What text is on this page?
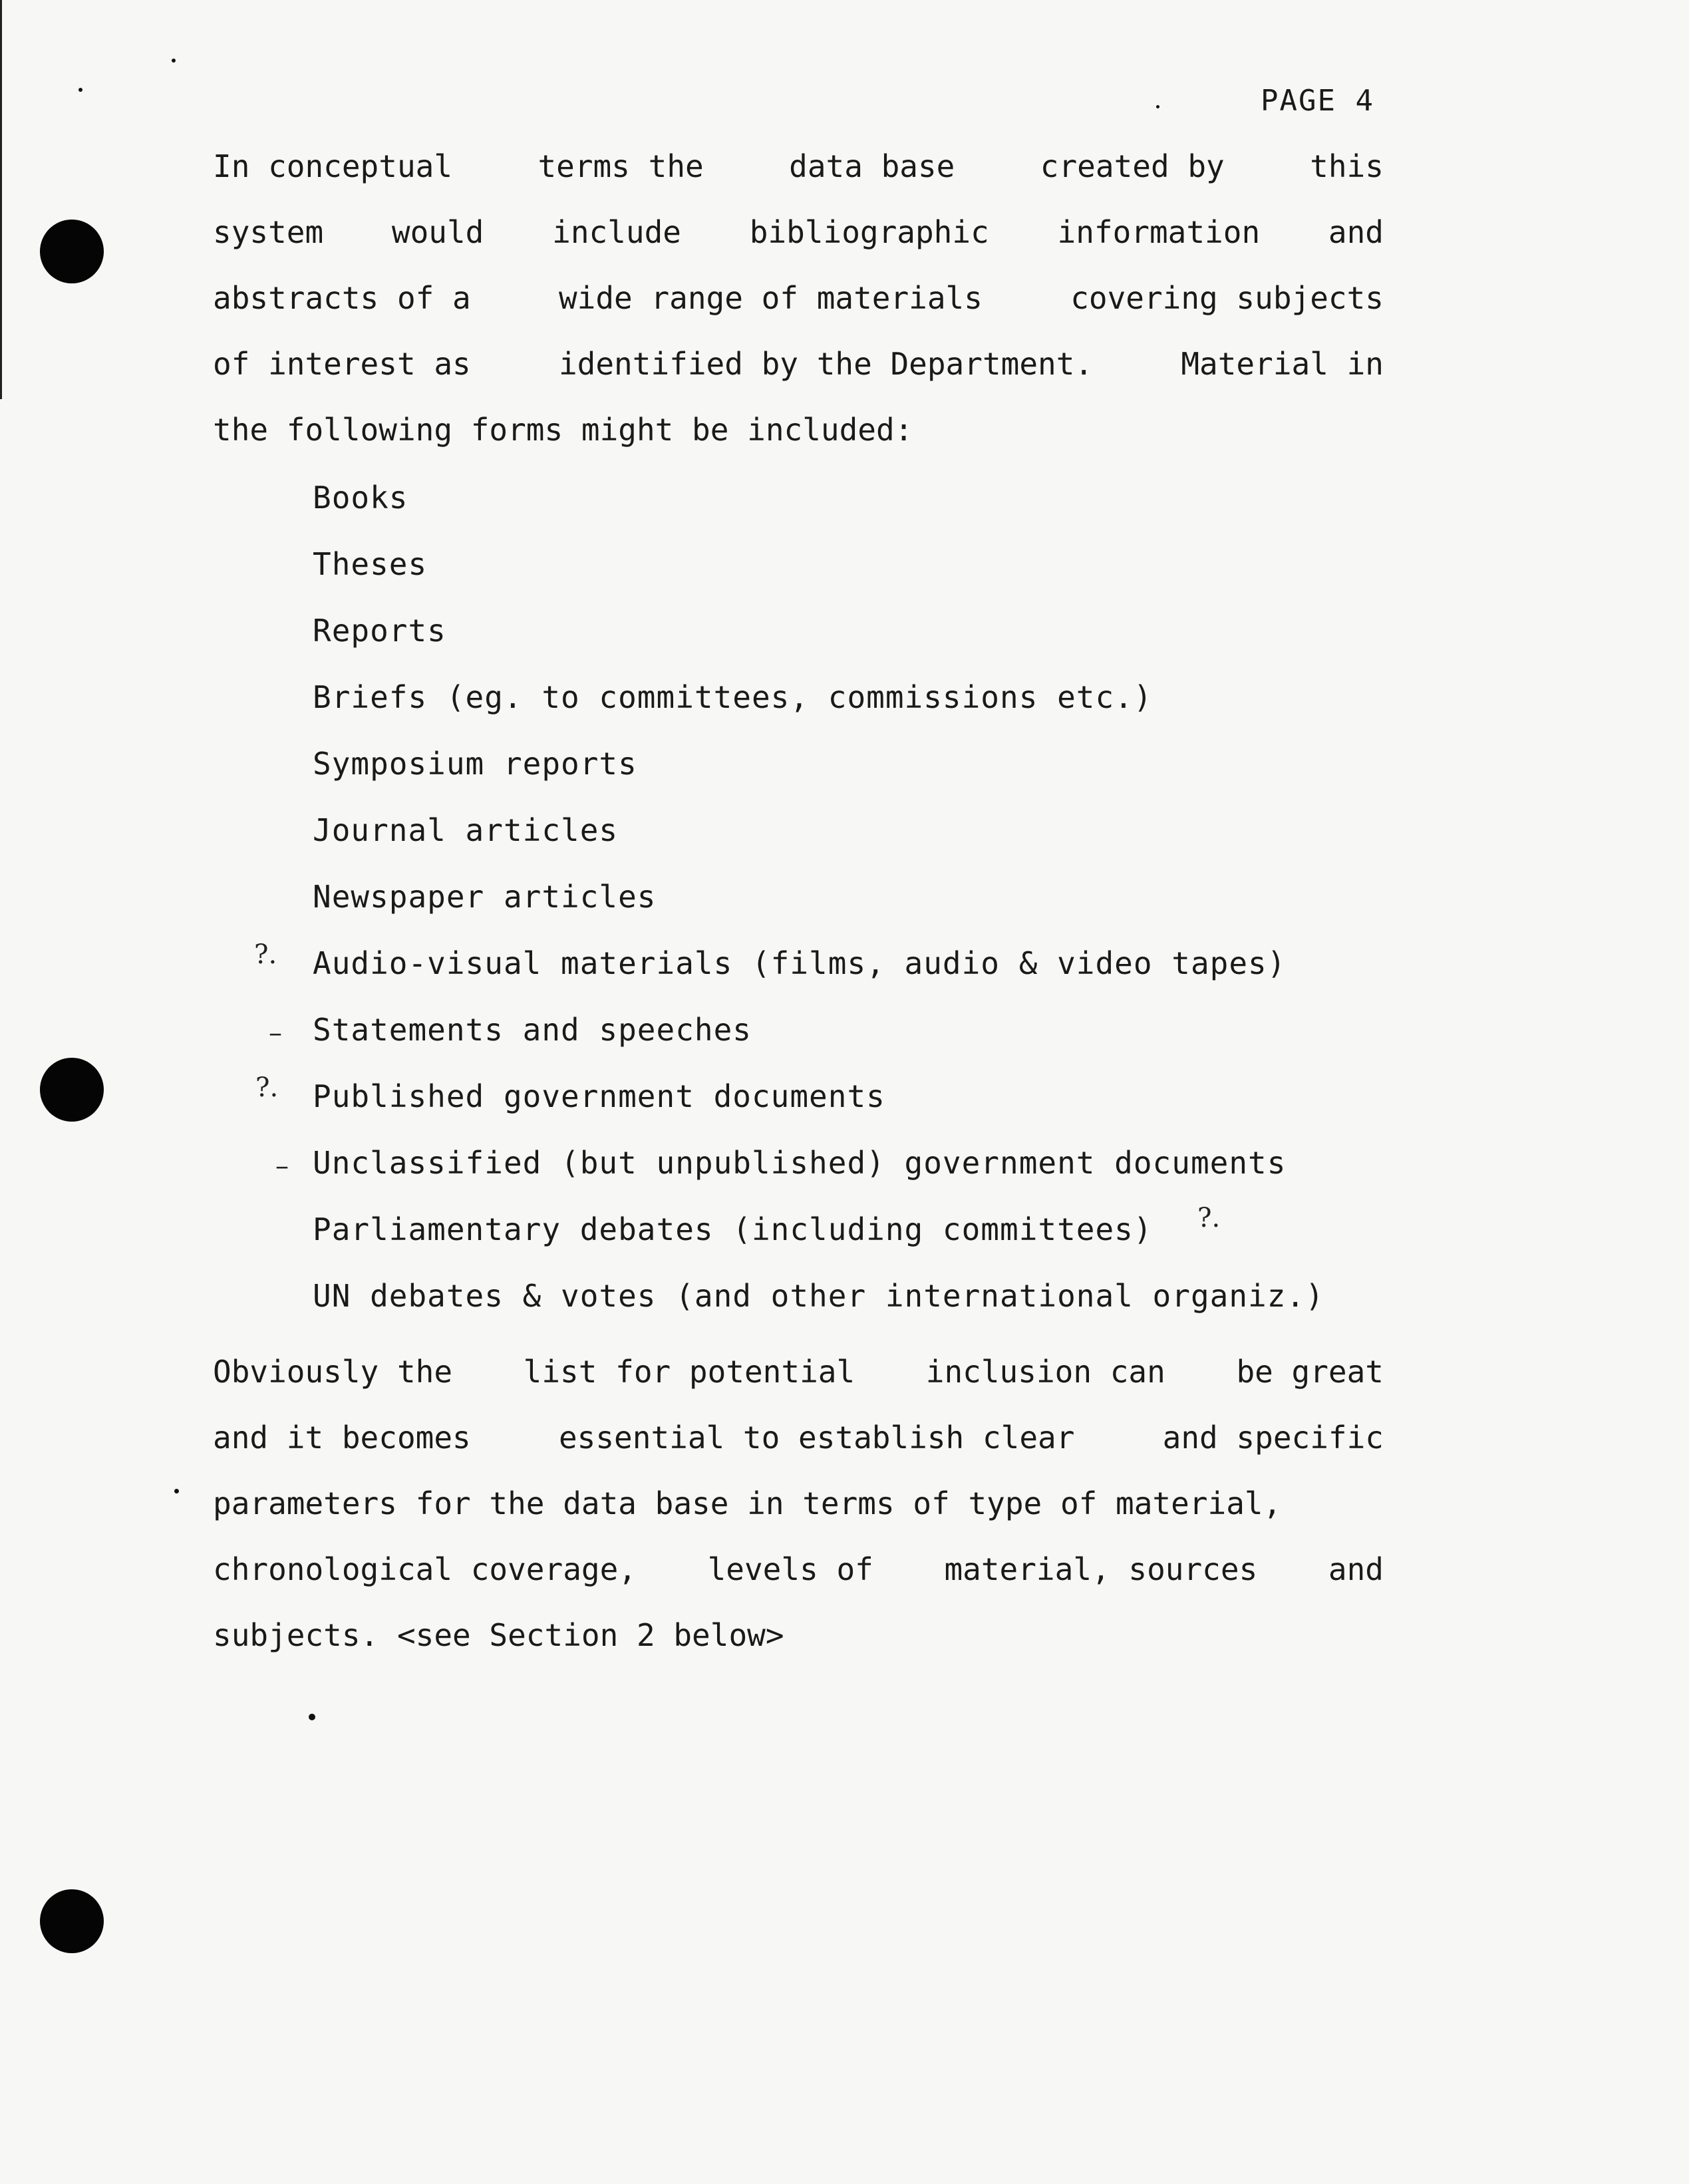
PAGE 4
In conceptual	terms the	data base	created by	this
system would include bibliographic information and
abstracts of a	wide range of materials	covering subjects
of interest as	identified by the Department.	Material in
the following forms might be included:
Books
Theses
Reports
Briefs (eg. to committees, commissions etc.)
Symposium reports
Journal articles
Newspaper articles
Audio-visual materials (films, audio & video tapes)
Statements and speeches
Published government documents
Unclassified (but unpublished) government documents
Parliamentary debates (including committees)
UN debates & votes (and other international organiz.)
Obviously the list for potential inclusion can be great
and it becomes	essential to establish clear	and specific
parameters for the data base in terms of type of material,
chronological coverage, levels of material, sources and
subjects. <see Section 2 below>
?.
–
?.
–
?.
